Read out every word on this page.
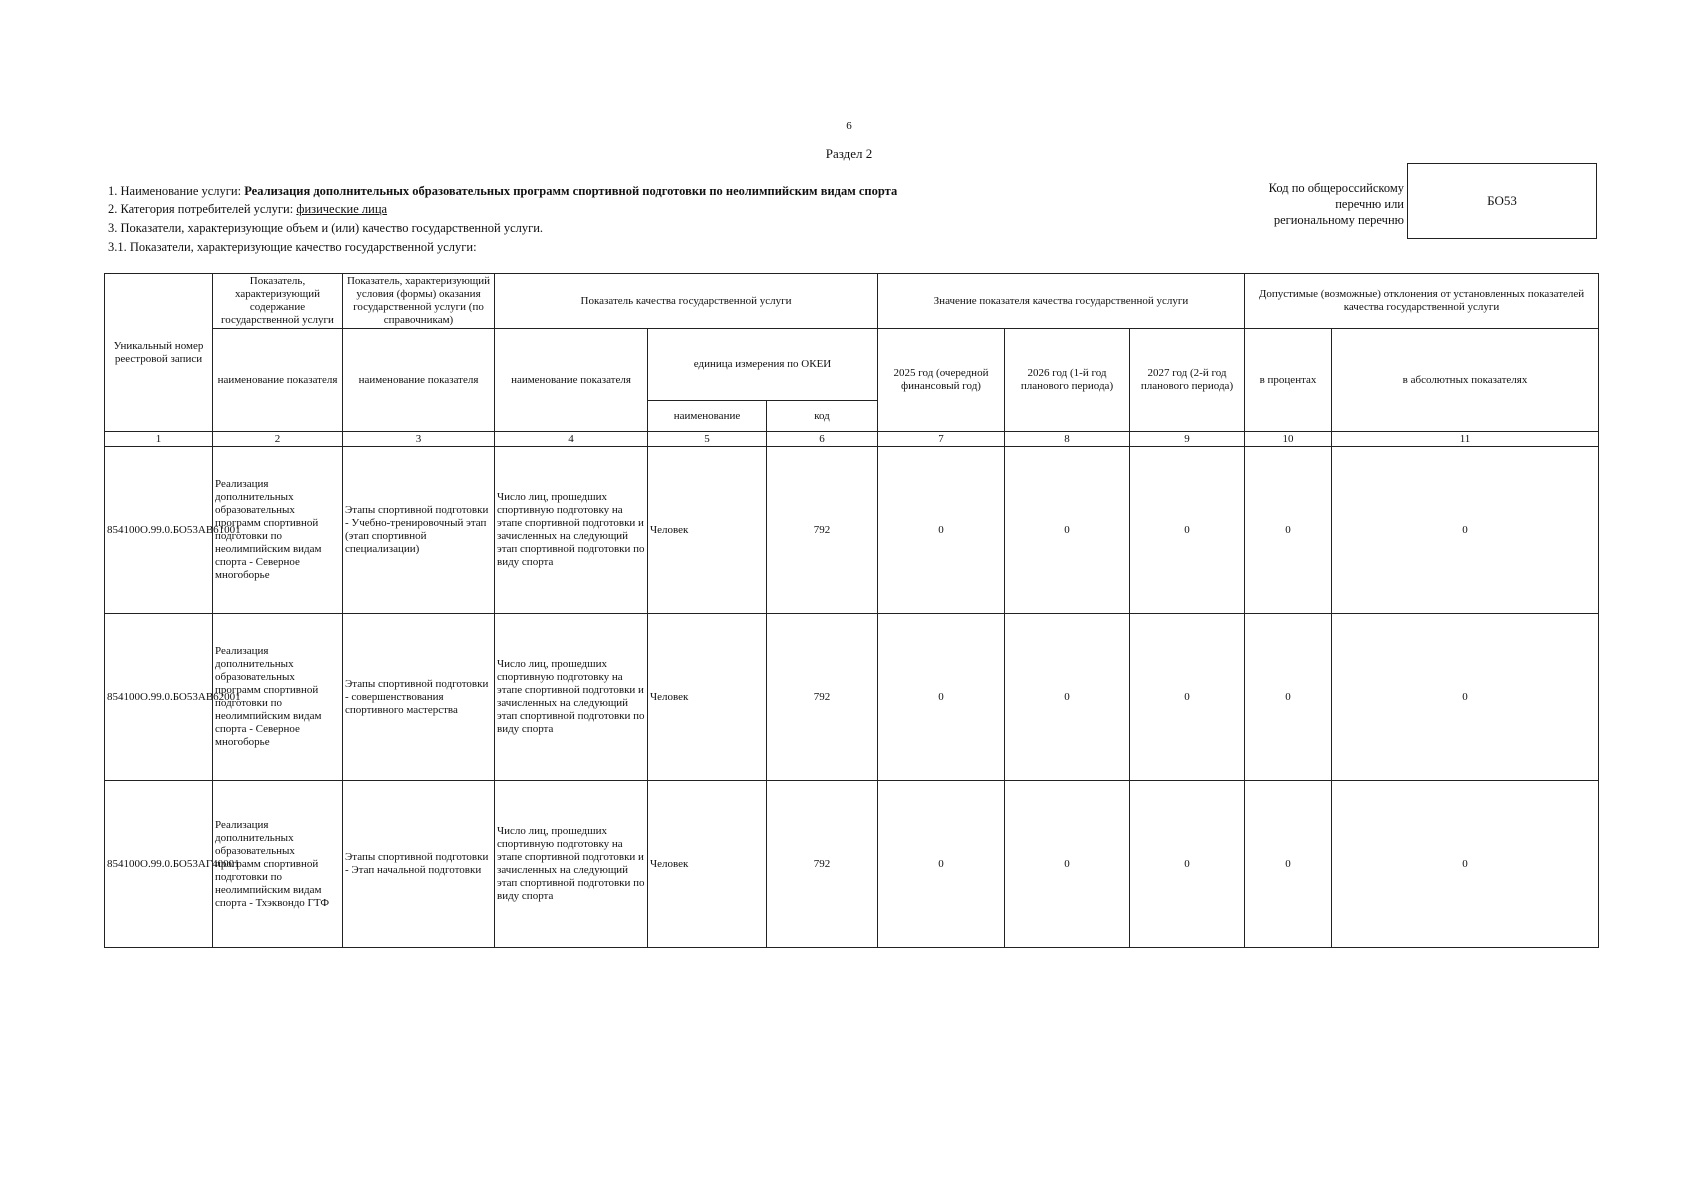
6
Раздел 2
1. Наименование услуги: Реализация дополнительных образовательных программ спортивной подготовки по неолимпийским видам спорта
2. Категория потребителей услуги: физические лица
3. Показатели, характеризующие объем и (или) качество государственной услуги.
3.1. Показатели, характеризующие качество государственной услуги:
Код по общероссийскому
перечню или
региональному перечню
БО53
Уникальный номер реестровой записи	Показатель, характеризующий содержание государственной услуги	Показатель, характеризующий условия (формы) оказания государственной услуги (по справочникам)	Показатель качества государственной услуги			Значение показателя качества государственной услуги			Допустимые (возможные) отклонения от установленных показателей качества государственной услуги	
	наименование показателя	наименование показателя	наименование показателя	единица измерения по ОКЕИ		2025 год (очередной финансовый год)	2026 год (1-й год планового периода)	2027 год (2-й год планового периода)	в процентах	в абсолютных показателях
				наименование	код					
1	2	3	4	5	6	7	8	9	10	11
854100О.99.0.БО53АВ61001	Реализация дополнительных образовательных программ спортивной подготовки по неолимпийским видам спорта - Северное многоборье	Этапы спортивной подготовки - Учебно-тренировочный этап (этап спортивной специализации)	Число лиц, прошедших спортивную подготовку на этапе спортивной подготовки и зачисленных на следующий этап спортивной подготовки по виду спорта	Человек	792	0	0	0	0	0
854100О.99.0.БО53АВ62001	Реализация дополнительных образовательных программ спортивной подготовки по неолимпийским видам спорта - Северное многоборье	Этапы спортивной подготовки - совершенствования спортивного мастерства	Число лиц, прошедших спортивную подготовку на этапе спортивной подготовки и зачисленных на следующий этап спортивной подготовки по виду спорта	Человек	792	0	0	0	0	0
854100О.99.0.БО53АГ40001	Реализация дополнительных образовательных программ спортивной подготовки по неолимпийским видам спорта - Тхэквондо ГТФ	Этапы спортивной подготовки - Этап начальной подготовки	Число лиц, прошедших спортивную подготовку на этапе спортивной подготовки и зачисленных на следующий этап спортивной подготовки по виду спорта	Человек	792	0	0	0	0	0
